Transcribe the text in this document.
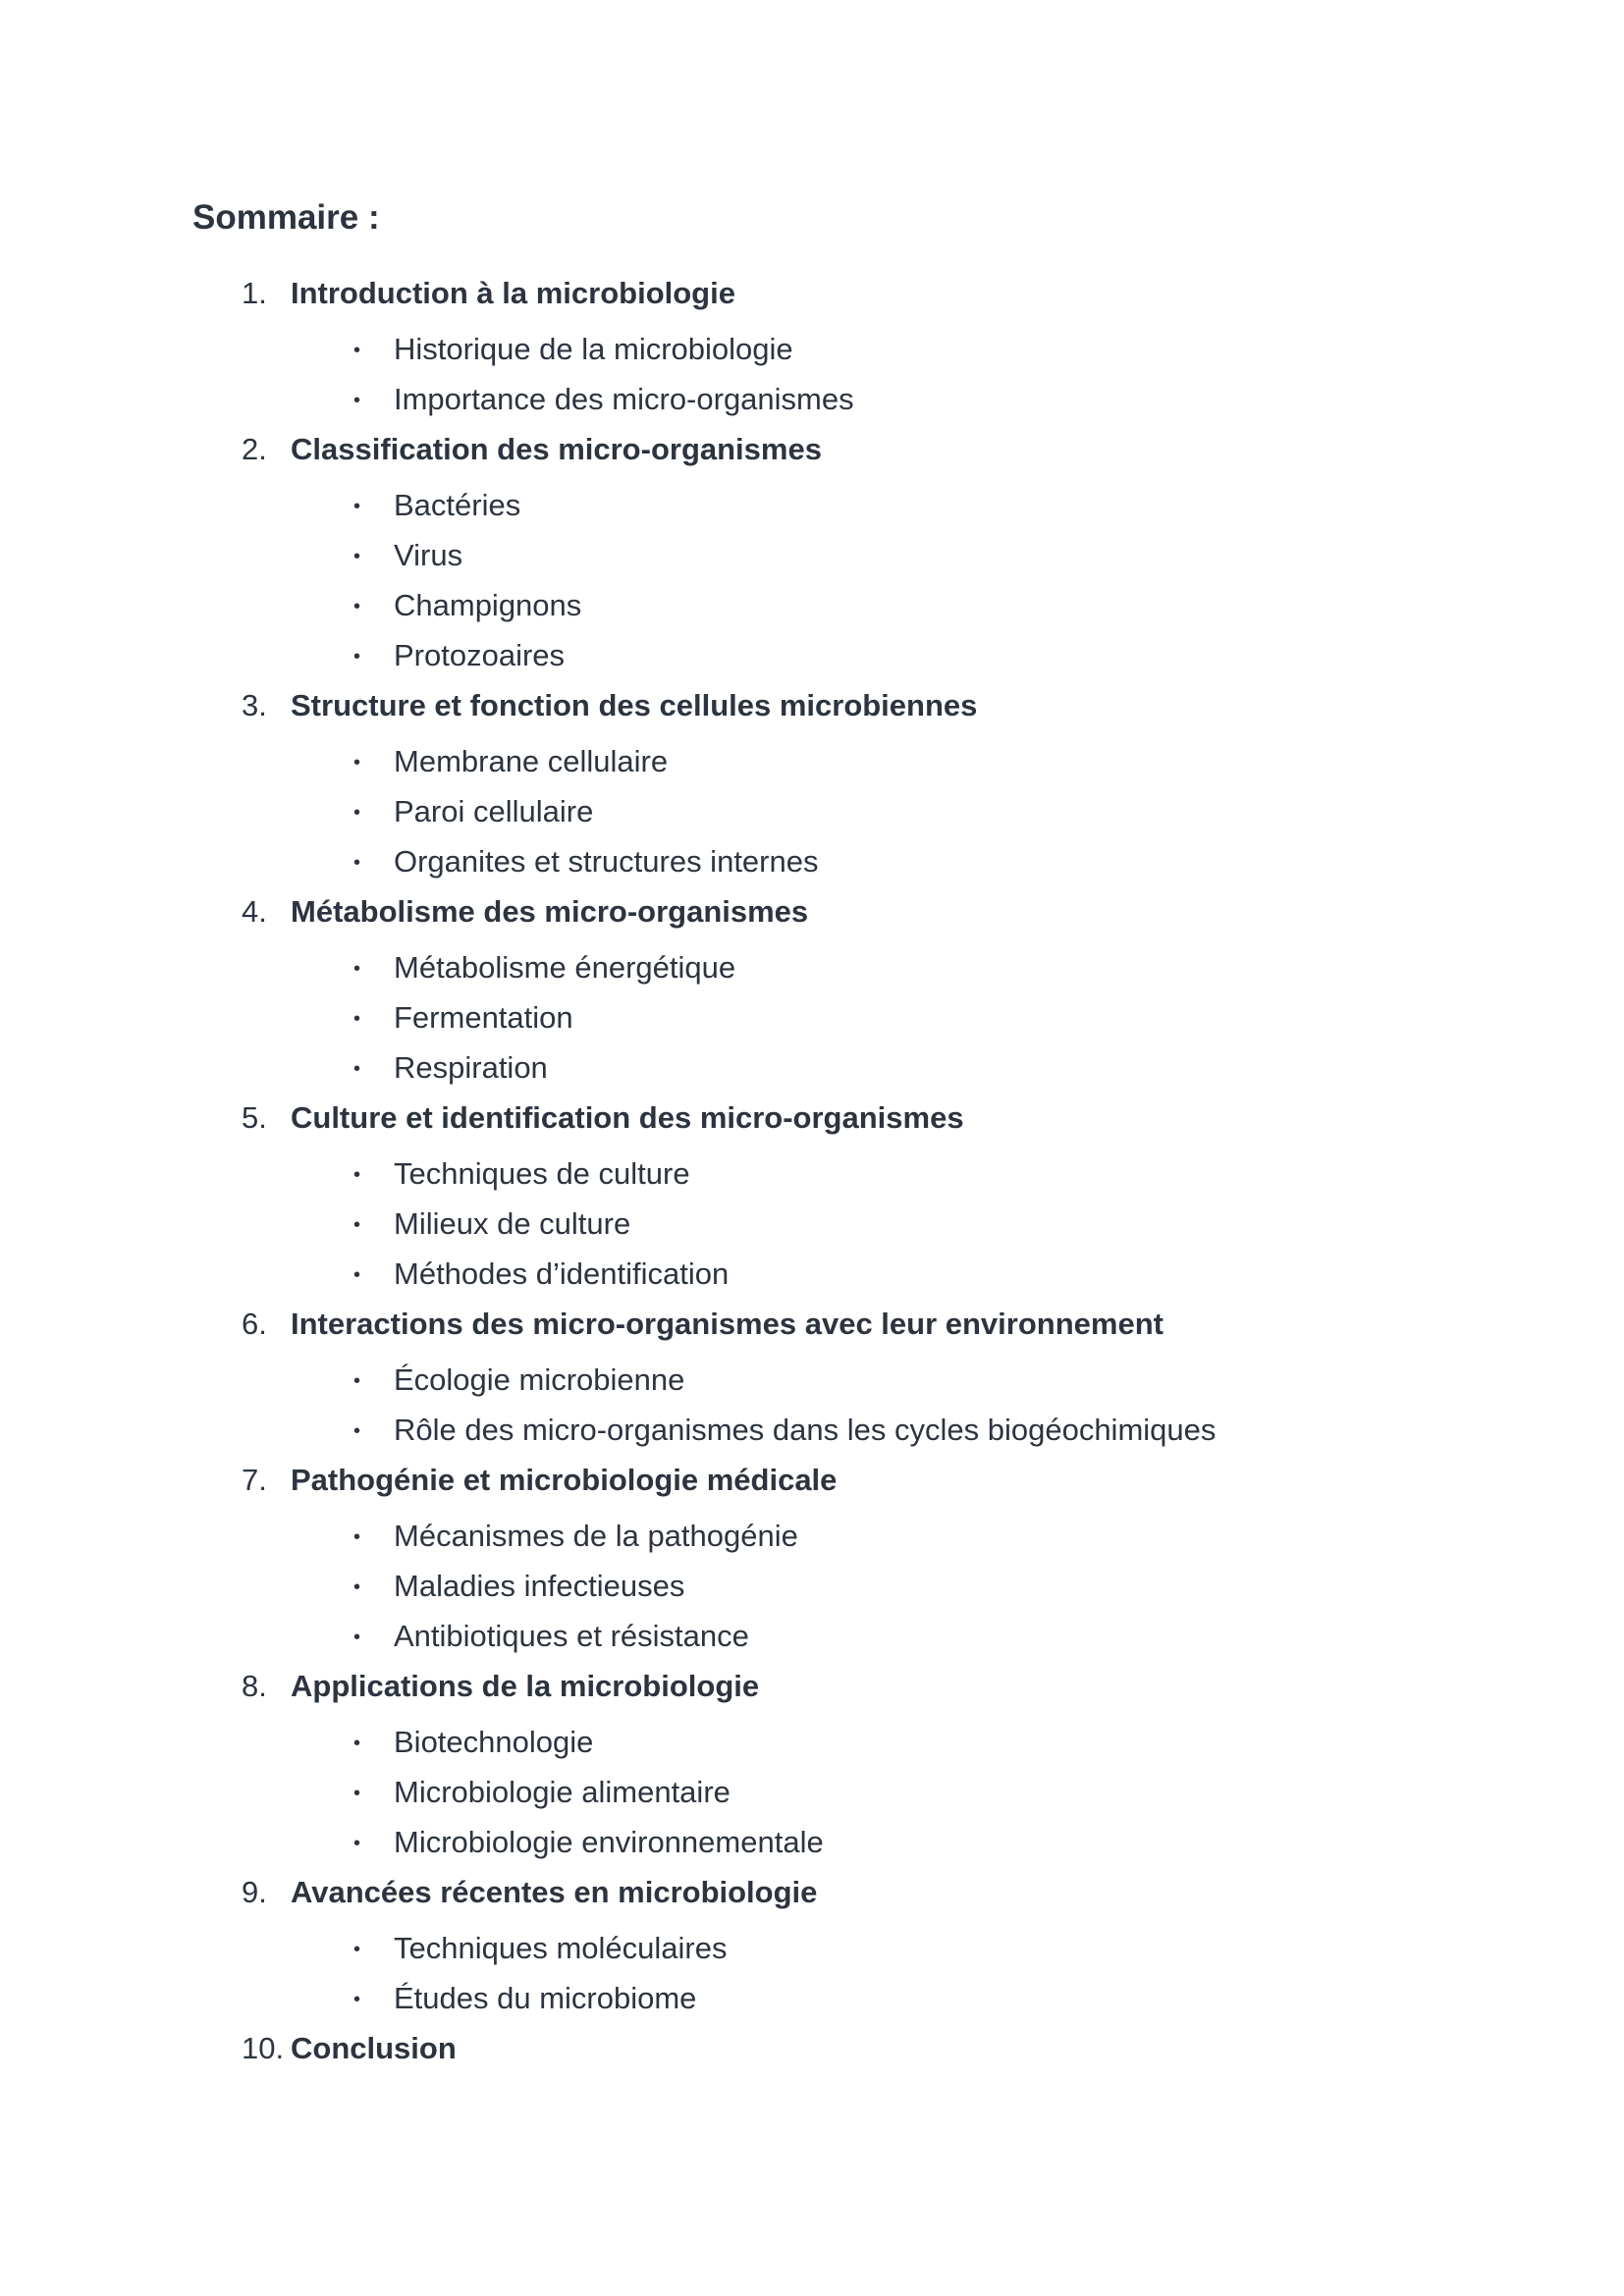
Sommaire :
1. Introduction à la microbiologie
•	Historique de la microbiologie
•	Importance des micro-organismes
2. Classification des micro-organismes
•	Bactéries
•	Virus
•	Champignons
•	Protozoaires
3. Structure et fonction des cellules microbiennes
•	Membrane cellulaire
•	Paroi cellulaire
•	Organites et structures internes
4. Métabolisme des micro-organismes
•	Métabolisme énergétique
•	Fermentation
•	Respiration
5. Culture et identification des micro-organismes
•	Techniques de culture
•	Milieux de culture
•	Méthodes d’identification
6. Interactions des micro-organismes avec leur environnement
•	Écologie microbienne
•	Rôle des micro-organismes dans les cycles biogéochimiques
7. Pathogénie et microbiologie médicale
•	Mécanismes de la pathogénie
•	Maladies infectieuses
•	Antibiotiques et résistance
8. Applications de la microbiologie
•	Biotechnologie
•	Microbiologie alimentaire
•	Microbiologie environnementale
9. Avancées récentes en microbiologie
•	Techniques moléculaires
•	Études du microbiome
10. Conclusion
